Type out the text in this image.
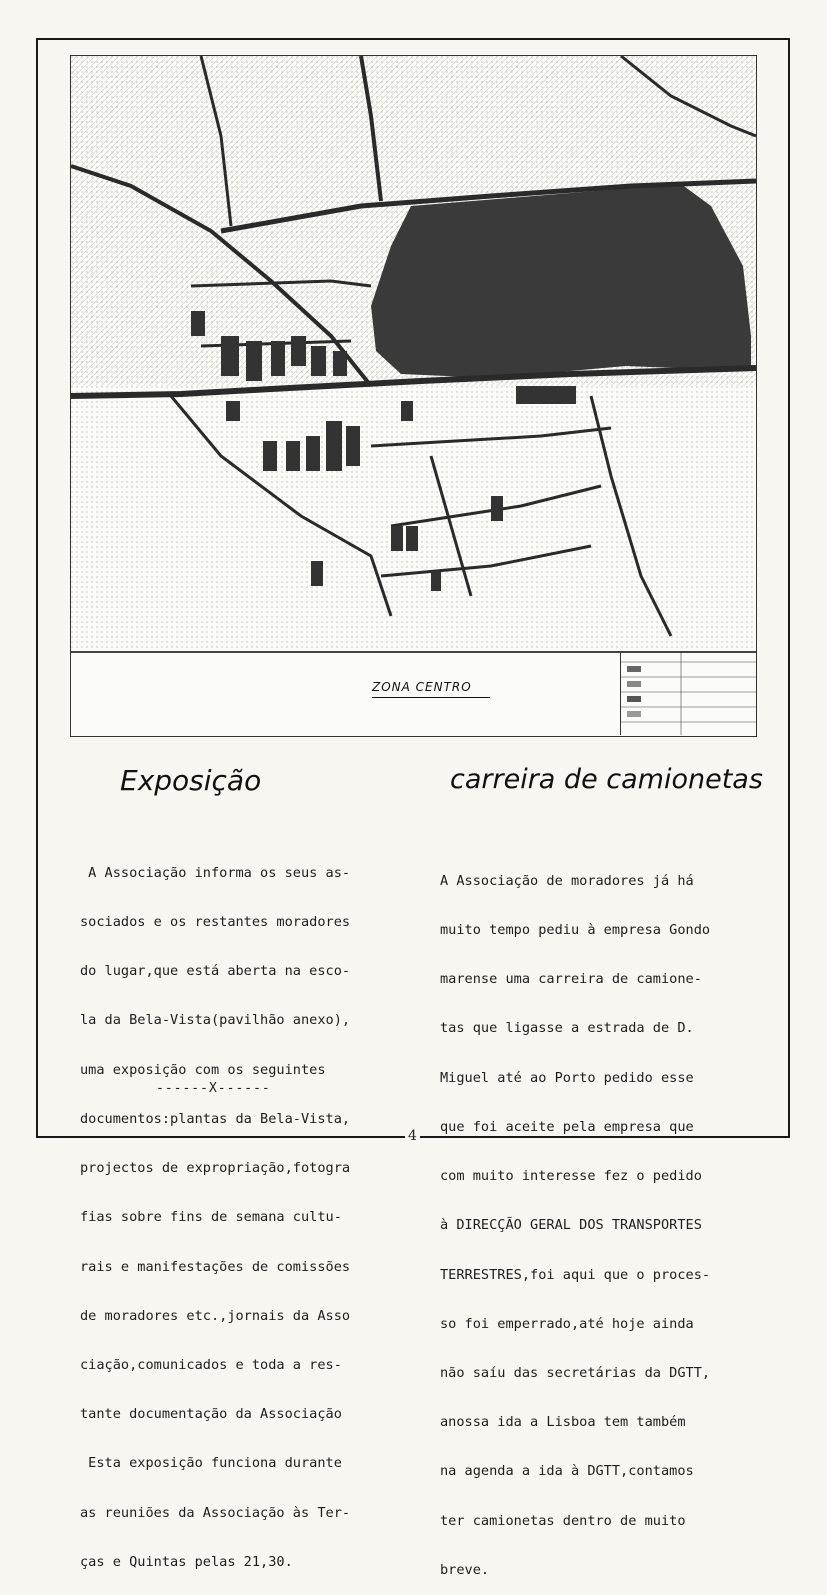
ZONA CENTRO
Exposição	carreira de camionetas

A Associação informa os seus as-

sociados e os restantes moradores

do lugar,que está aberta na esco-

la da Bela-Vista(pavilhão anexo),

uma exposição com os seguintes

documentos:plantas da Bela-Vista,

projectos de expropriação,fotogra

fias sobre fins de semana cultu-

rais e manifestações de comissões

de moradores etc.,jornais da Asso

ciação,comunicados e toda a res-

tante documentação da Associação

Esta exposição funciona durante

as reuniões da Associação às Ter-

ças e Quintas pelas 21,30.

------X------

A Associação de moradores já há

muito tempo pediu à empresa Gondo

marense uma carreira de camione-

tas que ligasse a estrada de D.

Miguel até ao Porto pedido esse

que foi aceite pela empresa que

com muito interesse fez o pedido

à DIRECÇÃO GERAL DOS TRANSPORTES

TERRESTRES,foi aqui que o proces-

so foi emperrado,até hoje ainda

não saíu das secretárias da DGTT,

anossa ida a Lisboa tem também

na agenda a ida à DGTT,contamos

ter camionetas dentro de muito

breve.

4
